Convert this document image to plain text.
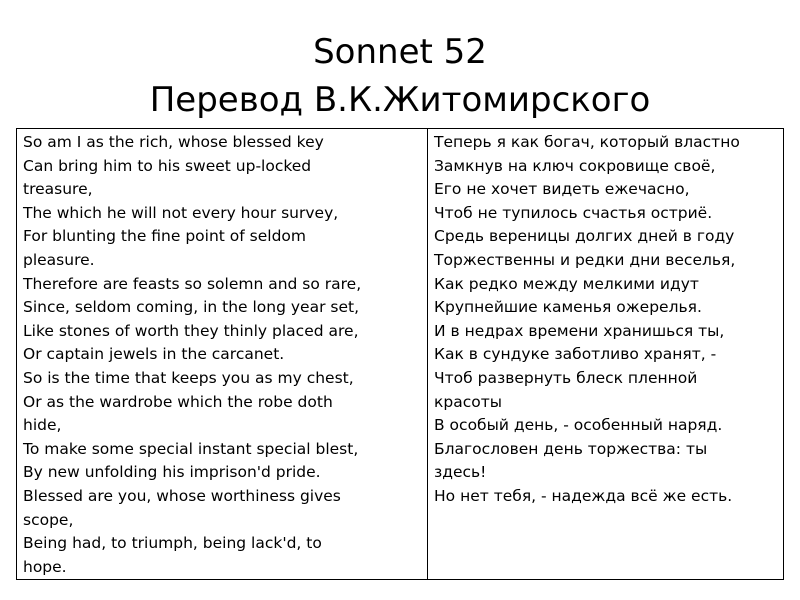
Sonnet 52
Перевод В.К.Житомирского
So am I as the rich, whose blessed key
Can bring him to his sweet up-locked
treasure,
The which he will not every hour survey,
For blunting the fine point of seldom
pleasure.
Therefore are feasts so solemn and so rare,
Since, seldom coming, in the long year set,
Like stones of worth they thinly placed are,
Or captain jewels in the carcanet.
So is the time that keeps you as my chest,
Or as the wardrobe which the robe doth
hide,
To make some special instant special blest,
By new unfolding his imprison'd pride.
Blessed are you, whose worthiness gives
scope,
Being had, to triumph, being lack'd, to
hope.
Теперь я как богач, который властно
Замкнув на ключ сокровище своё,
Его не хочет видеть ежечасно,
Чтоб не тупилось счастья остриё.
Средь вереницы долгих дней в году
Торжественны и редки дни веселья,
Как редко между мелкими идут
Крупнейшие каменья ожерелья.
И в недрах времени хранишься ты,
Как в сундуке заботливо хранят, -
Чтоб развернуть блеск пленной
красоты
В особый день, - особенный наряд.
Благословен день торжества: ты
здесь!
Но нет тебя, - надежда всё же есть.
